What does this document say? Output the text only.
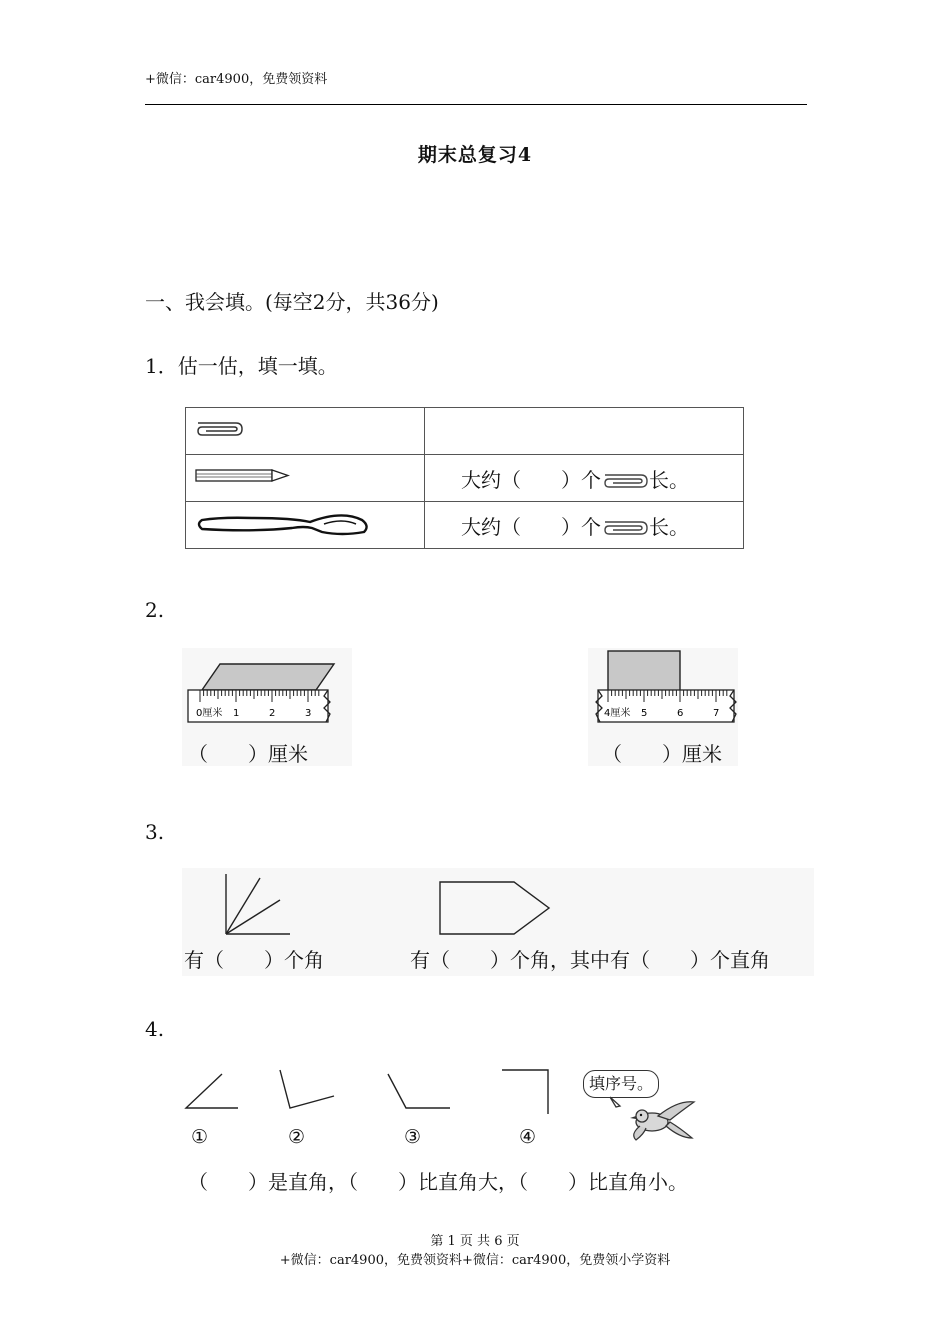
+微信：car4900，免费领资料
期末总复习4
一、我会填。(每空2分，共36分)
1．估一估，填一填。

	大约（　　）个 长。
	大约（　　）个 长。
2.
0厘米 1	2	3
（　　）厘米
4厘米 5	6	7
（　　）厘米
3.
有（　　）个角	有（　　）个角，其中有（　　）个直角
4.
①	②	③	④
填序号。
（　　）是直角，（　　）比直角大，（　　）比直角小。
第 1 页 共 6 页
+微信：car4900，免费领资料+微信：car4900，免费领小学资料
